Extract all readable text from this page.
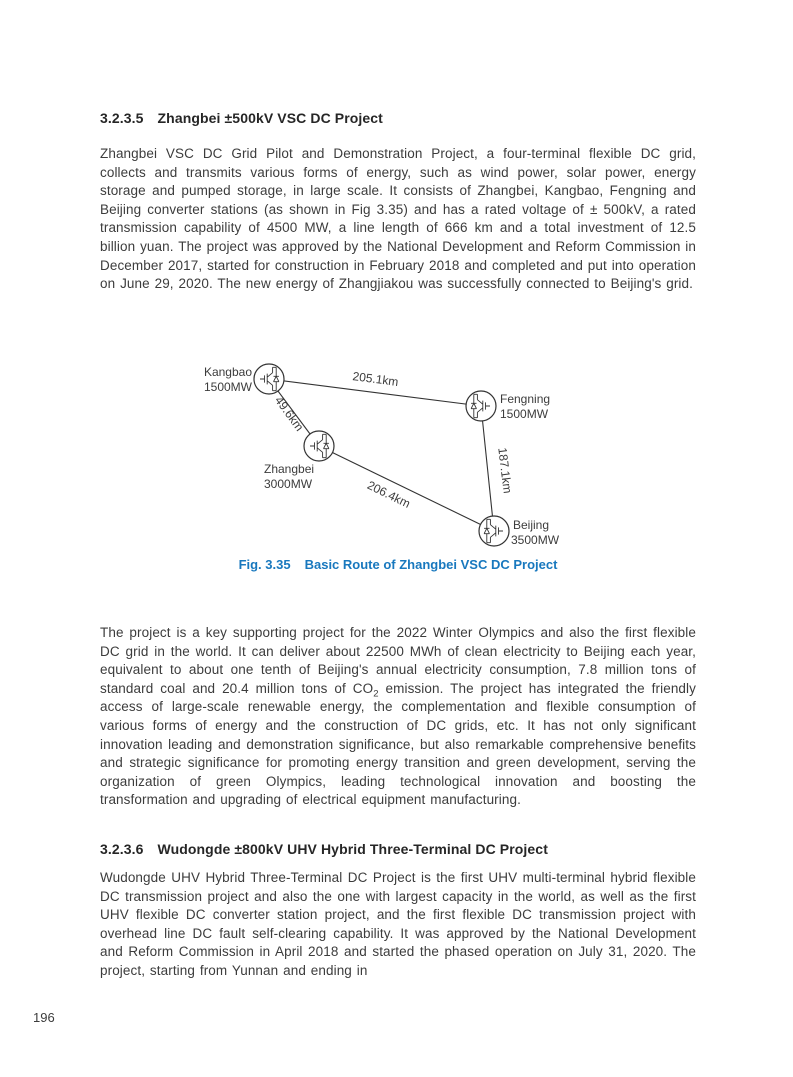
3.2.3.5 Zhangbei ±500kV VSC DC Project
Zhangbei VSC DC Grid Pilot and Demonstration Project, a four-terminal flexible DC grid, collects and transmits various forms of energy, such as wind power, solar power, energy storage and pumped storage, in large scale. It consists of Zhangbei, Kangbao, Fengning and Beijing converter stations (as shown in Fig 3.35) and has a rated voltage of ± 500kV, a rated transmission capability of 4500 MW, a line length of 666 km and a total investment of 12.5 billion yuan. The project was approved by the National Development and Reform Commission in December 2017, started for construction in February 2018 and completed and put into operation on June 29, 2020. The new energy of Zhangjiakou was successfully connected to Beijing's grid.
Kangbao
1500MW
Fengning
1500MW
Zhangbei
3000MW
Beijing
3500MW
205.1km
49.6km
187.1km
206.4km
Fig. 3.35 Basic Route of Zhangbei VSC DC Project
The project is a key supporting project for the 2022 Winter Olympics and also the first flexible DC grid in the world. It can deliver about 22500 MWh of clean electricity to Beijing each year, equivalent to about one tenth of Beijing's annual electricity consumption, 7.8 million tons of standard coal and 20.4 million tons of $CO_2$ emission. The project has integrated the friendly access of large-scale renewable energy, the complementation and flexible consumption of various forms of energy and the construction of DC grids, etc. It has not only significant innovation leading and demonstration significance, but also remarkable comprehensive benefits and strategic significance for promoting energy transition and green development, serving the organization of green Olympics, leading technological innovation and boosting the transformation and upgrading of electrical equipment manufacturing.
3.2.3.6 Wudongde ±800kV UHV Hybrid Three-Terminal DC Project
Wudongde UHV Hybrid Three-Terminal DC Project is the first UHV multi-terminal hybrid flexible DC transmission project and also the one with largest capacity in the world, as well as the first UHV flexible DC converter station project, and the first flexible DC transmission project with overhead line DC fault self-clearing capability. It was approved by the National Development and Reform Commission in April 2018 and started the phased operation on July 31, 2020. The project, starting from Yunnan and ending in
196
